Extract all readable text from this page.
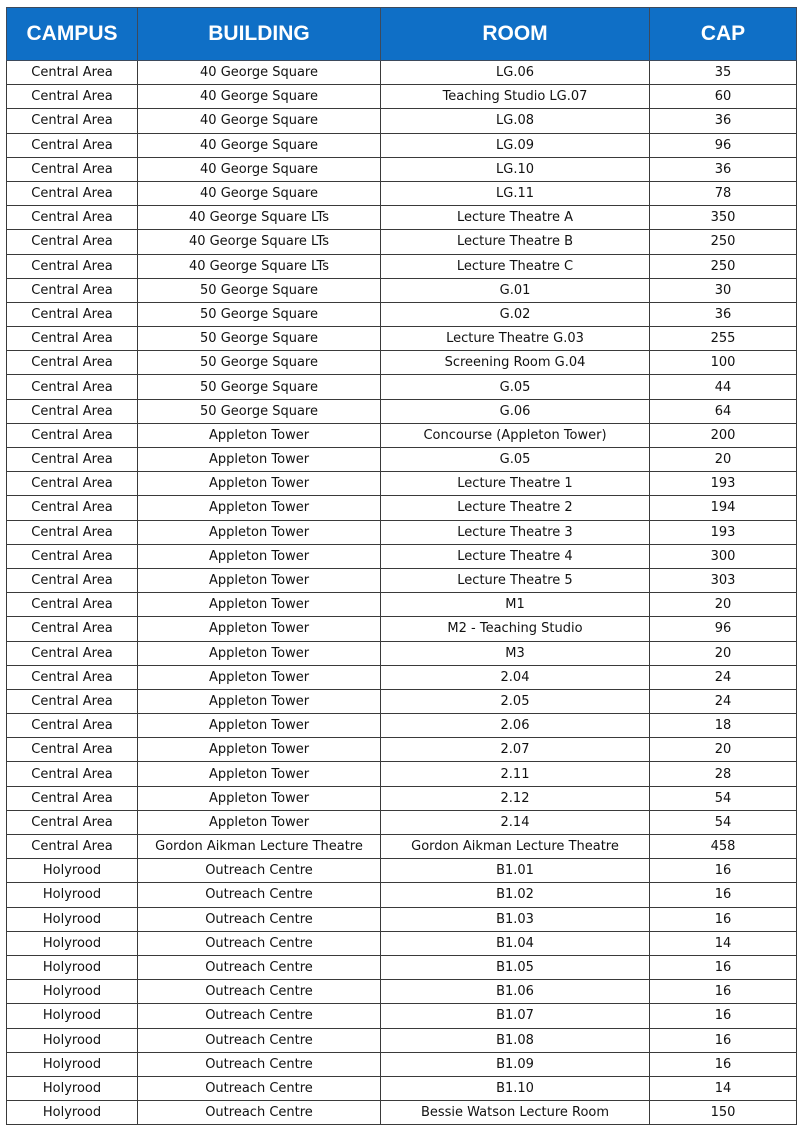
CAMPUS	BUILDING	ROOM	CAP
Central Area	40 George Square	LG.06	35
Central Area	40 George Square	Teaching Studio LG.07	60
Central Area	40 George Square	LG.08	36
Central Area	40 George Square	LG.09	96
Central Area	40 George Square	LG.10	36
Central Area	40 George Square	LG.11	78
Central Area	40 George Square LTs	Lecture Theatre A	350
Central Area	40 George Square LTs	Lecture Theatre B	250
Central Area	40 George Square LTs	Lecture Theatre C	250
Central Area	50 George Square	G.01	30
Central Area	50 George Square	G.02	36
Central Area	50 George Square	Lecture Theatre G.03	255
Central Area	50 George Square	Screening Room G.04	100
Central Area	50 George Square	G.05	44
Central Area	50 George Square	G.06	64
Central Area	Appleton Tower	Concourse (Appleton Tower)	200
Central Area	Appleton Tower	G.05	20
Central Area	Appleton Tower	Lecture Theatre 1	193
Central Area	Appleton Tower	Lecture Theatre 2	194
Central Area	Appleton Tower	Lecture Theatre 3	193
Central Area	Appleton Tower	Lecture Theatre 4	300
Central Area	Appleton Tower	Lecture Theatre 5	303
Central Area	Appleton Tower	M1	20
Central Area	Appleton Tower	M2 - Teaching Studio	96
Central Area	Appleton Tower	M3	20
Central Area	Appleton Tower	2.04	24
Central Area	Appleton Tower	2.05	24
Central Area	Appleton Tower	2.06	18
Central Area	Appleton Tower	2.07	20
Central Area	Appleton Tower	2.11	28
Central Area	Appleton Tower	2.12	54
Central Area	Appleton Tower	2.14	54
Central Area	Gordon Aikman Lecture Theatre	Gordon Aikman Lecture Theatre	458
Holyrood	Outreach Centre	B1.01	16
Holyrood	Outreach Centre	B1.02	16
Holyrood	Outreach Centre	B1.03	16
Holyrood	Outreach Centre	B1.04	14
Holyrood	Outreach Centre	B1.05	16
Holyrood	Outreach Centre	B1.06	16
Holyrood	Outreach Centre	B1.07	16
Holyrood	Outreach Centre	B1.08	16
Holyrood	Outreach Centre	B1.09	16
Holyrood	Outreach Centre	B1.10	14
Holyrood	Outreach Centre	Bessie Watson Lecture Room	150
